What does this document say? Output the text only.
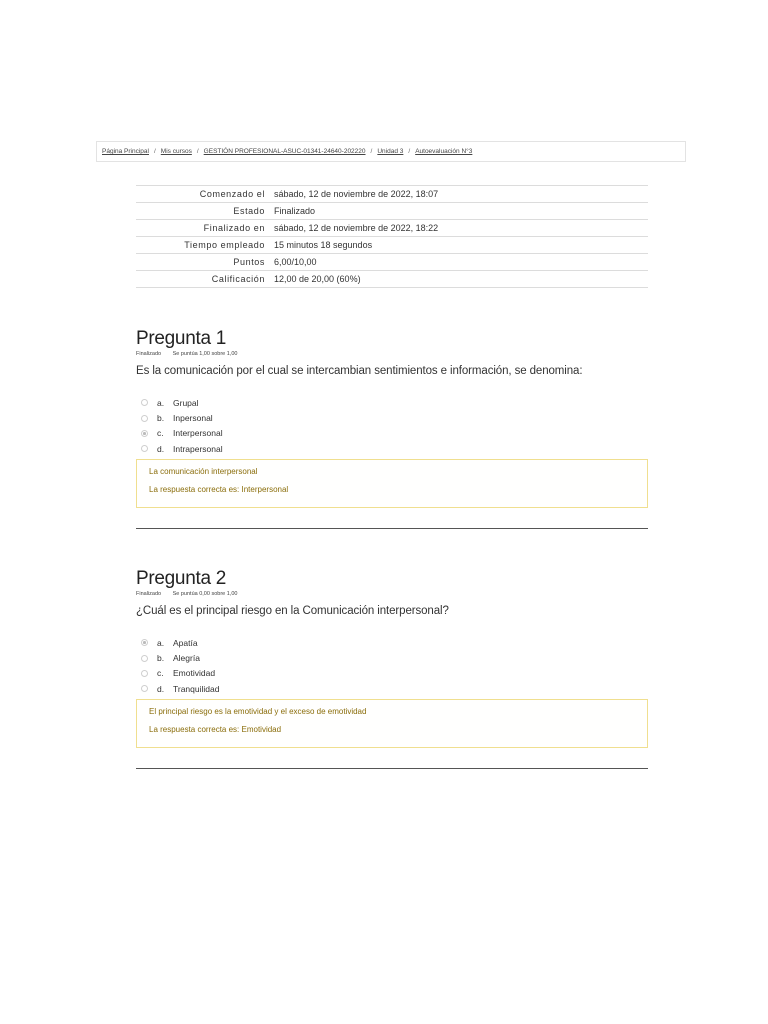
Página Principal / Mis cursos / GESTIÓN PROFESIONAL-ASUC-01341-24640-202220 / Unidad 3 / Autoevaluación N°3
Comenzado el	sábado, 12 de noviembre de 2022, 18:07
Estado	Finalizado
Finalizado en	sábado, 12 de noviembre de 2022, 18:22
Tiempo empleado	15 minutos 18 segundos
Puntos	6,00/10,00
Calificación	12,00 de 20,00 (60%)
Pregunta 1
Finalizado Se puntúa 1,00 sobre 1,00
Es la comunicación por el cual se intercambian sentimientos e información, se denomina:
a.	Grupal
b.	Inpersonal
c.	Interpersonal
d.	Intrapersonal
La comunicación interpersonal
La respuesta correcta es: Interpersonal
Pregunta 2
Finalizado Se puntúa 0,00 sobre 1,00
¿Cuál es el principal riesgo en la Comunicación interpersonal?
a.	Apatía
b.	Alegría
c.	Emotividad
d.	Tranquilidad
El principal riesgo es la emotividad y el exceso de emotividad
La respuesta correcta es: Emotividad
